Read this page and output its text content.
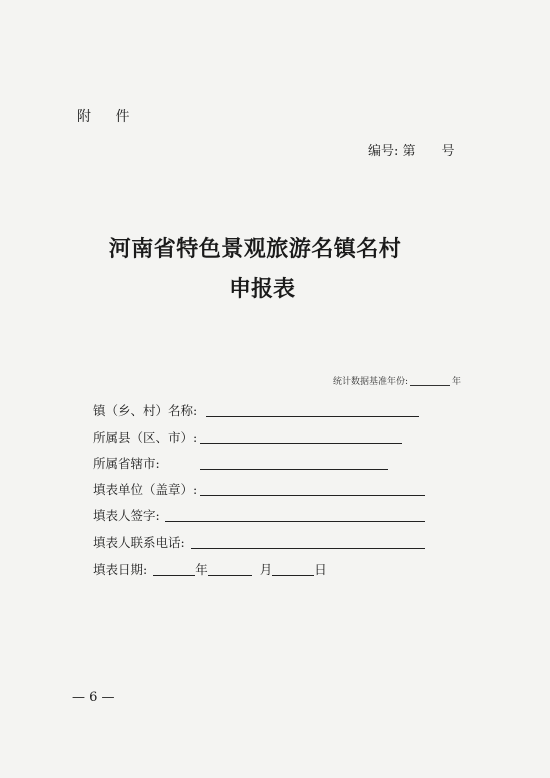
附 件
编号: 第 号
河南省特色景观旅游名镇名村
申报表
统计数据基准年份:	年
镇（乡、村）名称:
所属县（区、市）:
所属省辖市:
填表单位（盖章）:
填表人签字:
填表人联系电话:
填表日期:	年	月	日
— 6 —
